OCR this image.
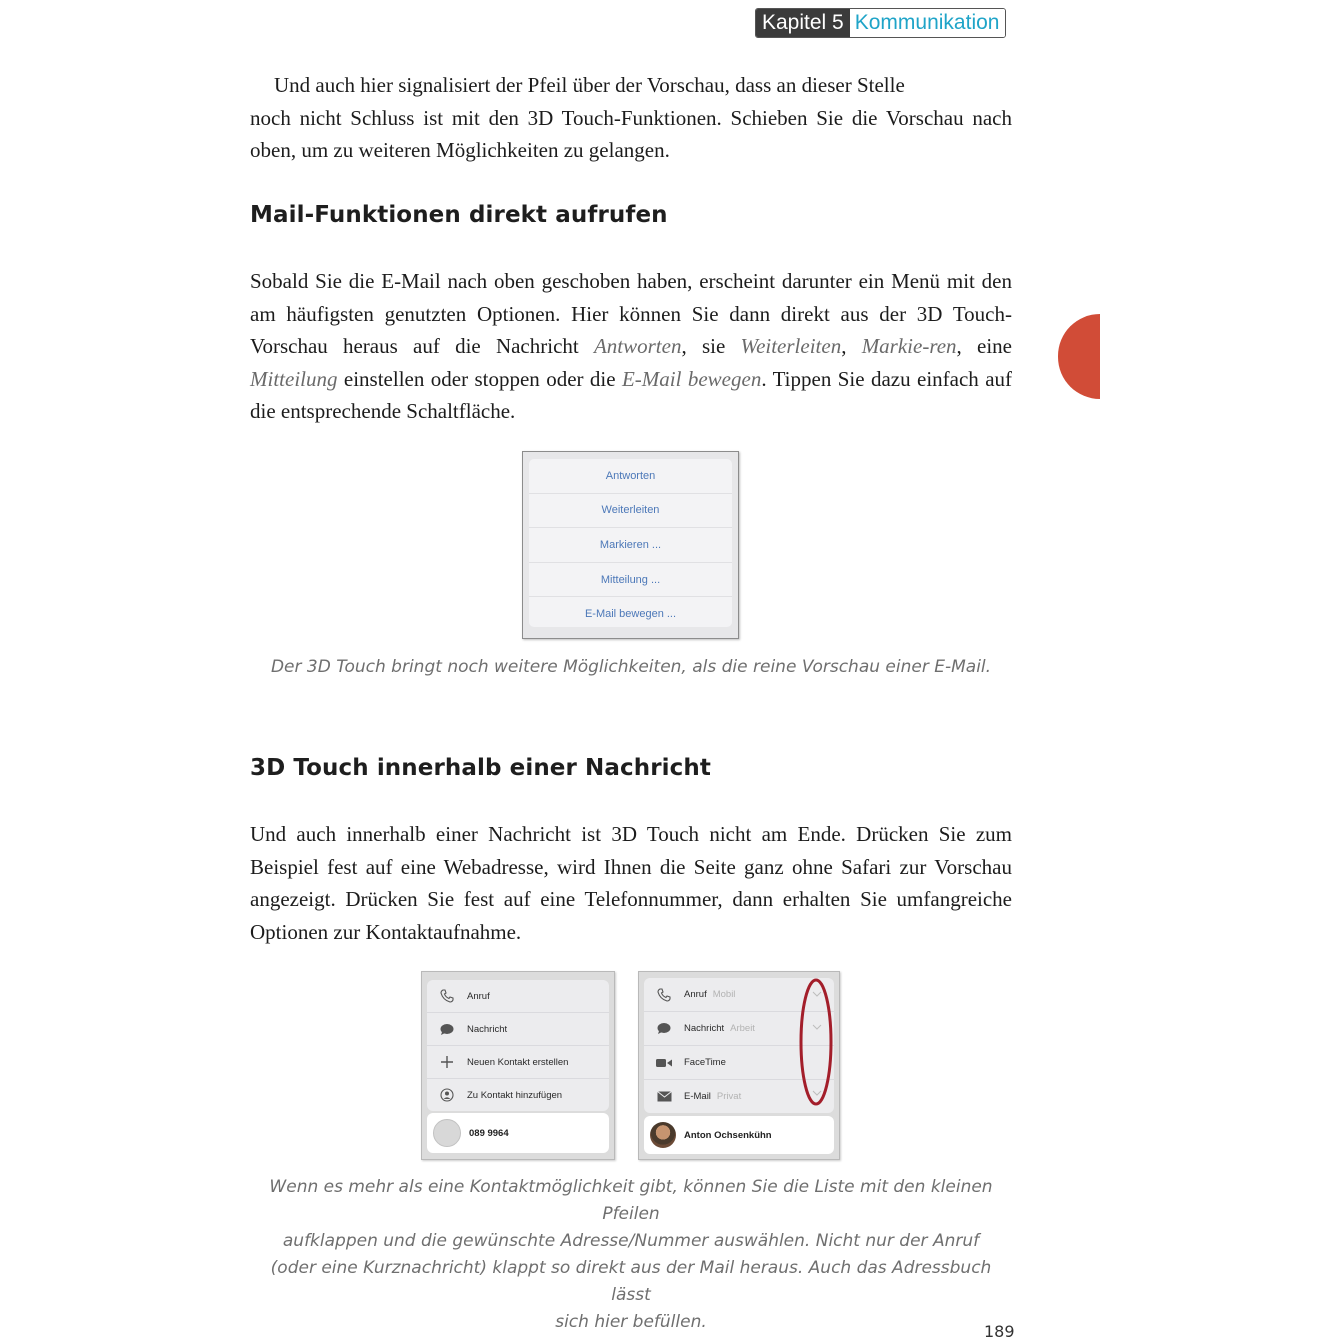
Kapitel 5 Kommunikation

Und auch hier signalisiert der Pfeil über der Vorschau, dass an dieser Stelle
noch nicht Schluss ist mit den 3D Touch-Funktionen. Schieben Sie die Vorschau nach oben, um zu weiteren Möglichkeiten zu gelangen.

Mail-Funktionen direkt aufrufen

Sobald Sie die E-Mail nach oben geschoben haben, erscheint darunter ein Menü mit den am häufigsten genutzten Optionen. Hier können Sie dann direkt aus der 3D Touch-Vorschau heraus auf die Nachricht Antworten, sie Weiterleiten, Markie-ren, eine Mitteilung einstellen oder stoppen oder die E-Mail bewegen. Tippen Sie dazu einfach auf die entsprechende Schaltfläche.

Antworten
Weiterleiten
Markieren ...
Mitteilung ...
E-Mail bewegen ...

Der 3D Touch bringt noch weitere Möglichkeiten, als die reine Vorschau einer E-Mail.

3D Touch innerhalb einer Nachricht

Und auch innerhalb einer Nachricht ist 3D Touch nicht am Ende. Drücken Sie zum Beispiel fest auf eine Webadresse, wird Ihnen die Seite ganz ohne Safari zur Vorschau angezeigt. Drücken Sie fest auf eine Telefonnummer, dann erhalten Sie umfangreiche Optionen zur Kontaktaufnahme.

Anruf
Nachricht
Neuen Kontakt erstellen
Zu Kontakt hinzufügen
089 9964
Anruf Mobil
Nachricht Arbeit
FaceTime
E-Mail Privat
Anton Ochsenkühn
Wenn es mehr als eine Kontaktmöglichkeit gibt, können Sie die Liste mit den kleinen Pfeilen
aufklappen und die gewünschte Adresse/Nummer auswählen. Nicht nur der Anruf
(oder eine Kurznachricht) klappt so direkt aus der Mail heraus. Auch das Adressbuch lässt
sich hier befüllen.	189
